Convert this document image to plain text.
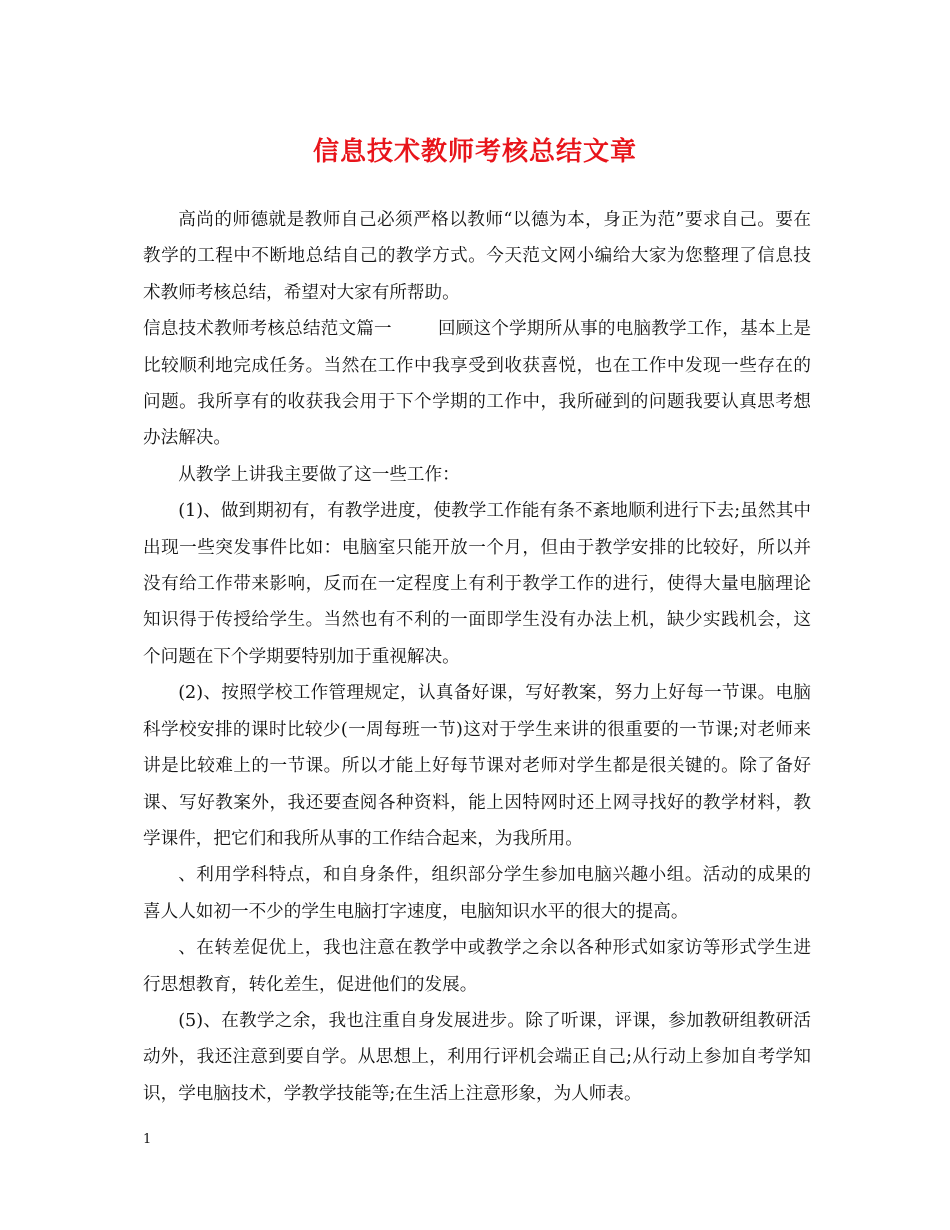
信息技术教师考核总结文章

高尚的师德就是教师自己必须严格以教师“以德为本，身正为范”要求自己。要在教学的工程中不断地总结自己的教学方式。今天范文网小编给大家为您整理了信息技术教师考核总结，希望对大家有所帮助。

信息技术教师考核总结范文篇一	回顾这个学期所从事的电脑教学工作，基本上是比较顺利地完成任务。当然在工作中我享受到收获喜悦，也在工作中发现一些存在的问题。我所享有的收获我会用于下个学期的工作中，我所碰到的问题我要认真思考想办法解决。

从教学上讲我主要做了这一些工作：

(1)、做到期初有，有教学进度，使教学工作能有条不紊地顺利进行下去;虽然其中出现一些突发事件比如：电脑室只能开放一个月，但由于教学安排的比较好，所以并没有给工作带来影响，反而在一定程度上有利于教学工作的进行，使得大量电脑理论知识得于传授给学生。当然也有不利的一面即学生没有办法上机，缺少实践机会，这个问题在下个学期要特别加于重视解决。

(2)、按照学校工作管理规定，认真备好课，写好教案，努力上好每一节课。电脑科学校安排的课时比较少(一周每班一节)这对于学生来讲的很重要的一节课;对老师来讲是比较难上的一节课。所以才能上好每节课对老师对学生都是很关键的。除了备好课、写好教案外，我还要查阅各种资料，能上因特网时还上网寻找好的教学材料，教学课件，把它们和我所从事的工作结合起来，为我所用。

、利用学科特点，和自身条件，组织部分学生参加电脑兴趣小组。活动的成果的喜人人如初一不少的学生电脑打字速度，电脑知识水平的很大的提高。

、在转差促优上，我也注意在教学中或教学之余以各种形式如家访等形式学生进行思想教育，转化差生，促进他们的发展。

(5)、在教学之余，我也注重自身发展进步。除了听课，评课，参加教研组教研活动外，我还注意到要自学。从思想上，利用行评机会端正自己;从行动上参加自考学知识，学电脑技术，学教学技能等;在生活上注意形象，为人师表。

1
